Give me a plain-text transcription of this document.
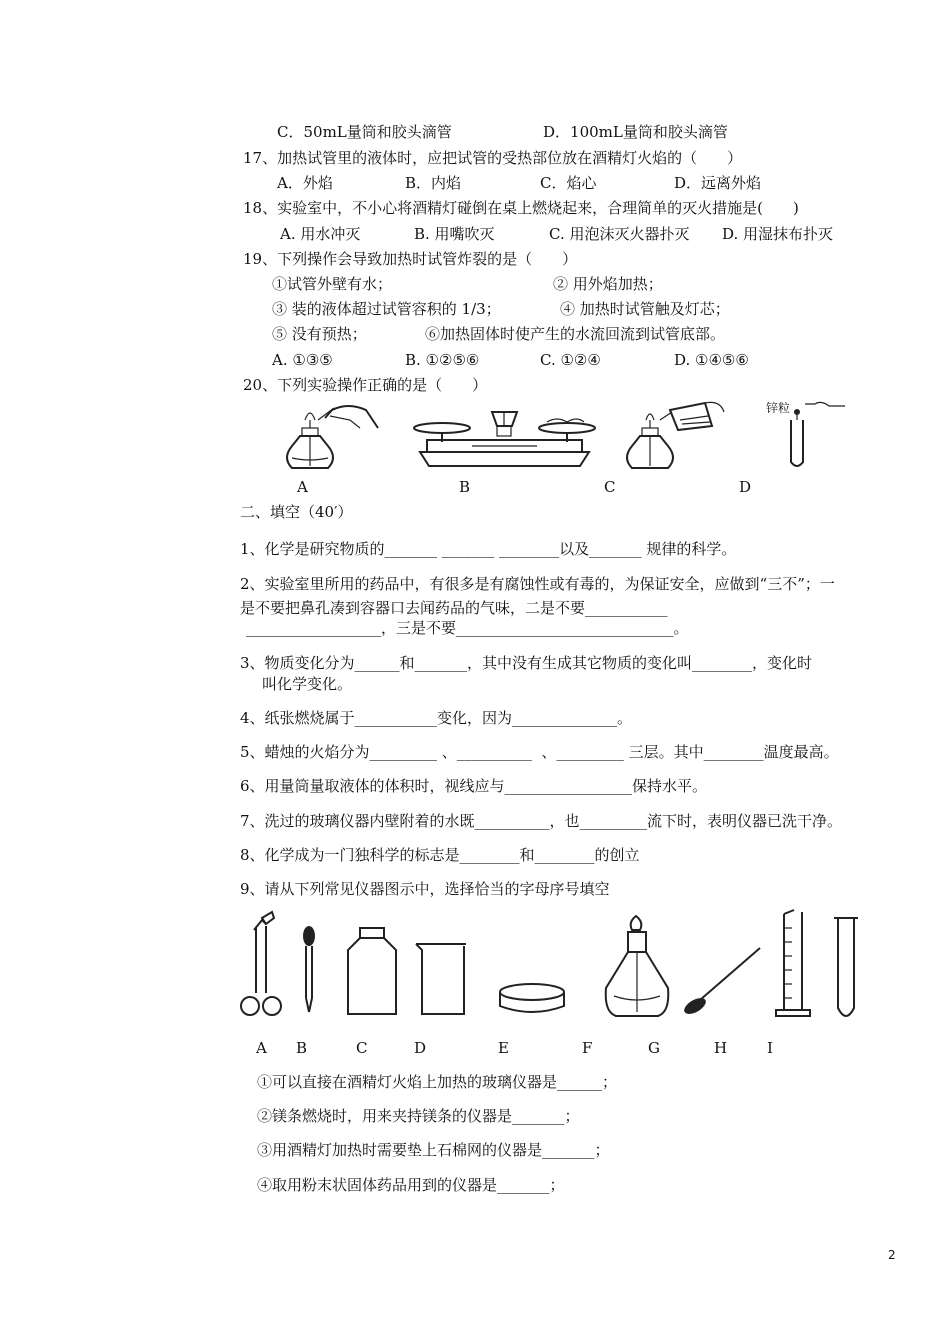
C．50mL量筒和胶头滴管	D．100mL量筒和胶头滴管
17、加热试管里的液体时，应把试管的受热部位放在酒精灯火焰的（　　）
A．外焰	B．内焰	C．焰心	D．远离外焰
18、实验室中，不小心将酒精灯碰倒在桌上燃烧起来，合理简单的灭火措施是(　　)
A. 用水冲灭	B. 用嘴吹灭	C. 用泡沫灭火器扑灭 D. 用湿抹布扑灭
19、下列操作会导致加热时试管炸裂的是（　　）
①试管外壁有水；	② 用外焰加热；
③ 装的液体超过试管容积的 1/3；	④ 加热时试管触及灯芯；
⑤ 没有预热；	⑥加热固体时使产生的水流回流到试管底部。
A. ①③⑤	B. ①②⑤⑥	C. ①②④	D. ①④⑤⑥
20、下列实验操作正确的是（　　）
锌粒
A	B	C	D
二、填空（40′）
1、化学是研究物质的_______ _______ ________以及_______ 规律的科学。
2、实验室里所用的药品中，有很多是有腐蚀性或有毒的，为保证安全，应做到“三不”；一
是不要把鼻孔凑到容器口去闻药品的气味，二是不要___________
__________________，三是不要_____________________________。
3、物质变化分为______和_______，其中没有生成其它物质的变化叫________，变化时
叫化学变化。
4、纸张燃烧属于___________变化，因为______________。
5、蜡烛的火焰分为_________ 、__________  、_________ 三层。其中________温度最高。
6、用量筒量取液体的体积时，视线应与_________________保持水平。
7、洗过的玻璃仪器内壁附着的水既__________，也_________流下时，表明仪器已洗干净。
8、化学成为一门独科学的标志是________和________的创立
9、请从下列常见仪器图示中，选择恰当的字母序号填空
A B	C	D	E	F	G	H	I
①可以直接在酒精灯火焰上加热的玻璃仪器是______；
②镁条燃烧时，用来夹持镁条的仪器是_______；
③用酒精灯加热时需要垫上石棉网的仪器是_______；
④取用粉末状固体药品用到的仪器是_______；
2
